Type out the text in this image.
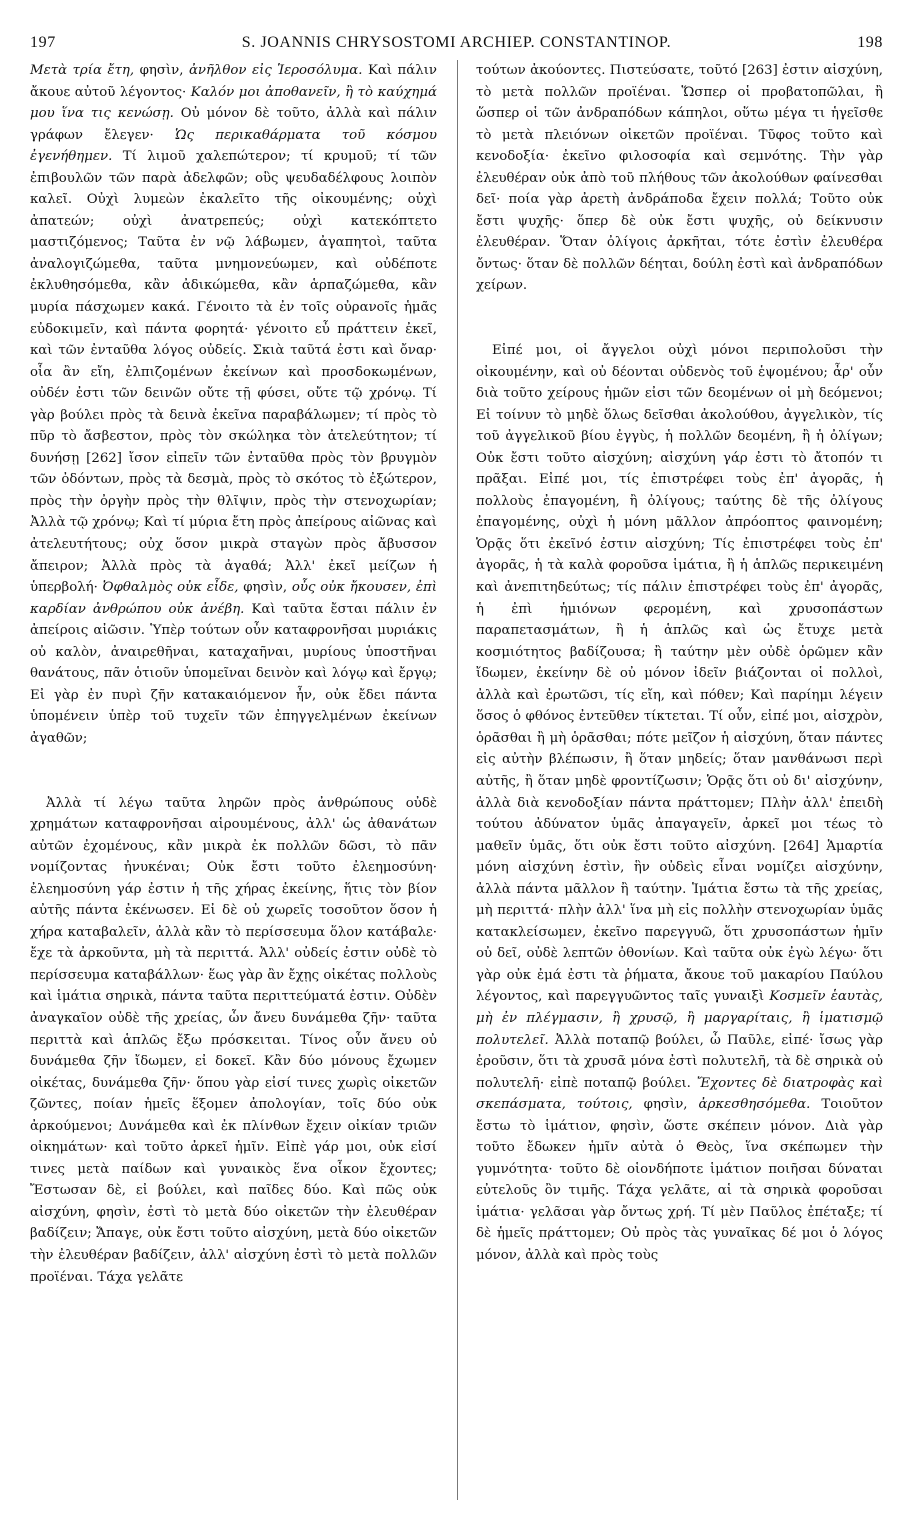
197	S. JOANNIS CHRYSOSTOMI ARCHIEP. CONSTANTINOP.	198

Μετὰ τρία ἔτη, φησὶν, ἀνῆλθον εἰς Ἱεροσόλυμα. Καὶ πάλιν ἄκουε αὐτοῦ λέγοντος· Καλόν μοι ἀποθανεῖν, ἢ τὸ καύχημά μου ἵνα τις κενώσῃ. Οὐ μόνον δὲ τοῦτο, ἀλλὰ καὶ πάλιν γράφων ἔλεγεν· Ὡς περικαθάρματα τοῦ κόσμου ἐγενήθημεν. Τί λιμοῦ χαλεπώτερον; τί κρυμοῦ; τί τῶν ἐπιβουλῶν τῶν παρὰ ἀδελφῶν; οὓς ψευδαδέλφους λοιπὸν καλεῖ. Οὐχὶ λυμεὼν ἐκαλεῖτο τῆς οἰκουμένης; οὐχὶ ἀπατεών; οὐχὶ ἀνατρεπεύς; οὐχὶ κατεκόπτετο μαστιζόμενος; Ταῦτα ἐν νῷ λάβωμεν, ἀγαπητοὶ, ταῦτα ἀναλογιζώμεθα, ταῦτα μνημονεύωμεν, καὶ οὐδέποτε ἐκλυθησόμεθα, κἂν ἀδικώμεθα, κἂν ἁρπαζώμεθα, κἂν μυρία πάσχωμεν κακά. Γένοιτο τὰ ἐν τοῖς οὐρανοῖς ἡμᾶς εὐδοκιμεῖν, καὶ πάντα φορητά· γένοιτο εὖ πράττειν ἐκεῖ, καὶ τῶν ἐνταῦθα λόγος οὐδείς. Σκιὰ ταῦτά ἐστι καὶ ὄναρ· οἷα ἂν εἴη, ἐλπιζομένων ἐκείνων καὶ προσδοκωμένων, οὐδέν ἐστι τῶν δεινῶν οὔτε τῇ φύσει, οὔτε τῷ χρόνῳ. Τί γὰρ βούλει πρὸς τὰ δεινὰ ἐκεῖνα παραβάλωμεν; τί πρὸς τὸ πῦρ τὸ ἄσβεστον, πρὸς τὸν σκώληκα τὸν ἀτελεύτητον; τί δυνήσῃ [262] ἴσον εἰπεῖν τῶν ἐνταῦθα πρὸς τὸν βρυγμὸν τῶν ὀδόντων, πρὸς τὰ δεσμὰ, πρὸς τὸ σκότος τὸ ἐξώτερον, πρὸς τὴν ὀργὴν πρὸς τὴν θλῖψιν, πρὸς τὴν στενοχωρίαν; Ἀλλὰ τῷ χρόνῳ; Καὶ τί μύρια ἔτη πρὸς ἀπείρους αἰῶνας καὶ ἀτελευτήτους; οὐχ ὅσον μικρὰ σταγὼν πρὸς ἄβυσσον ἄπειρον; Ἀλλὰ πρὸς τὰ ἀγαθά; Ἀλλ' ἐκεῖ μείζων ἡ ὑπερβολή· Ὀφθαλμὸς οὐκ εἶδε, φησὶν, οὖς οὐκ ἤκουσεν, ἐπὶ καρδίαν ἀνθρώπου οὐκ ἀνέβη. Καὶ ταῦτα ἔσται πάλιν ἐν ἀπείροις αἰῶσιν. Ὑπὲρ τούτων οὖν καταφρονῆσαι μυριάκις οὐ καλὸν, ἀναιρεθῆναι, καταχαῆναι, μυρίους ὑποστῆναι θανάτους, πᾶν ὁτιοῦν ὑπομεῖναι δεινὸν καὶ λόγῳ καὶ ἔργῳ; Εἰ γὰρ ἐν πυρὶ ζῆν κατακαιόμενον ἦν, οὐκ ἔδει πάντα ὑπομένειν ὑπὲρ τοῦ τυχεῖν τῶν ἐπηγγελμένων ἐκείνων ἀγαθῶν;

Ἀλλὰ τί λέγω ταῦτα ληρῶν πρὸς ἀνθρώπους οὐδὲ χρημάτων καταφρονῆσαι αἱρουμένους, ἀλλ' ὡς ἀθανάτων αὐτῶν ἐχομένους, κἂν μικρὰ ἐκ πολλῶν δῶσι, τὸ πᾶν νομίζοντας ἠνυκέναι; Οὐκ ἔστι τοῦτο ἐλεημοσύνη· ἐλεημοσύνη γάρ ἐστιν ἡ τῆς χήρας ἐκείνης, ἥτις τὸν βίον αὐτῆς πάντα ἐκένωσεν. Εἰ δὲ οὐ χωρεῖς τοσοῦτον ὅσον ἡ χήρα καταβαλεῖν, ἀλλὰ κἂν τὸ περίσσευμα ὅλον κατάβαλε· ἔχε τὰ ἀρκοῦντα, μὴ τὰ περιττά. Ἀλλ' οὐδείς ἐστιν οὐδὲ τὸ περίσσευμα καταβάλλων· ἕως γὰρ ἂν ἔχῃς οἰκέτας πολλοὺς καὶ ἱμάτια σηρικὰ, πάντα ταῦτα περιττεύματά ἐστιν. Οὐδὲν ἀναγκαῖον οὐδὲ τῆς χρείας, ὧν ἄνευ δυνάμεθα ζῆν· ταῦτα περιττὰ καὶ ἁπλῶς ἔξω πρόσκειται. Τίνος οὖν ἄνευ οὐ δυνάμεθα ζῆν ἴδωμεν, εἰ δοκεῖ. Κἂν δύο μόνους ἔχωμεν οἰκέτας, δυνάμεθα ζῆν· ὅπου γὰρ εἰσί τινες χωρὶς οἰκετῶν ζῶντες, ποίαν ἡμεῖς ἕξομεν ἀπολογίαν, τοῖς δύο οὐκ ἀρκούμενοι; Δυνάμεθα καὶ ἐκ πλίνθων ἔχειν οἰκίαν τριῶν οἰκημάτων· καὶ τοῦτο ἀρκεῖ ἡμῖν. Εἰπὲ γάρ μοι, οὐκ εἰσί τινες μετὰ παίδων καὶ γυναικὸς ἕνα οἶκον ἔχοντες; Ἔστωσαν δὲ, εἰ βούλει, καὶ παῖδες δύο. Καὶ πῶς οὐκ αἰσχύνη, φησὶν, ἐστὶ τὸ μετὰ δύο οἰκετῶν τὴν ἐλευθέραν βαδίζειν; Ἄπαγε, οὐκ ἔστι τοῦτο αἰσχύνη, μετὰ δύο οἰκετῶν τὴν ἐλευθέραν βαδίζειν, ἀλλ' αἰσχύνη ἐστὶ τὸ μετὰ πολλῶν προϊέναι. Τάχα γελᾶτε

τούτων ἀκούοντες. Πιστεύσατε, τοῦτό [263] ἐστιν αἰσχύνη, τὸ μετὰ πολλῶν προϊέναι. Ὥσπερ οἱ προβατοπῶλαι, ἢ ὥσπερ οἱ τῶν ἀνδραπόδων κάπηλοι, οὕτω μέγα τι ἡγεῖσθε τὸ μετὰ πλειόνων οἰκετῶν προϊέναι. Τῦφος τοῦτο καὶ κενοδοξία· ἐκεῖνο φιλοσοφία καὶ σεμνότης. Τὴν γὰρ ἐλευθέραν οὐκ ἀπὸ τοῦ πλήθους τῶν ἀκολούθων φαίνεσθαι δεῖ· ποία γὰρ ἀρετὴ ἀνδράποδα ἔχειν πολλά; Τοῦτο οὐκ ἔστι ψυχῆς· ὅπερ δὲ οὐκ ἔστι ψυχῆς, οὐ δείκνυσιν ἐλευθέραν. Ὅταν ὀλίγοις ἀρκῆται, τότε ἐστὶν ἐλευθέρα ὄντως· ὅταν δὲ πολλῶν δέηται, δούλη ἐστὶ καὶ ἀνδραπόδων χείρων.

Εἰπέ μοι, οἱ ἄγγελοι οὐχὶ μόνοι περιπολοῦσι τὴν οἰκουμένην, καὶ οὐ δέονται οὐδενὸς τοῦ ἑψομένου; ἆρ' οὖν διὰ τοῦτο χείρους ἡμῶν εἰσι τῶν δεομένων οἱ μὴ δεόμενοι; Εἰ τοίνυν τὸ μηδὲ ὅλως δεῖσθαι ἀκολούθου, ἀγγελικὸν, τίς τοῦ ἀγγελικοῦ βίου ἐγγὺς, ἡ πολλῶν δεομένη, ἢ ἡ ὀλίγων; Οὐκ ἔστι τοῦτο αἰσχύνη; αἰσχύνη γάρ ἐστι τὸ ἄτοπόν τι πρᾶξαι. Εἰπέ μοι, τίς ἐπιστρέφει τοὺς ἐπ' ἀγορᾶς, ἡ πολλοὺς ἐπαγομένη, ἢ ὀλίγους; ταύτης δὲ τῆς ὀλίγους ἐπαγομένης, οὐχὶ ἡ μόνη μᾶλλον ἀπρόοπτος φαινομένη; Ὁρᾷς ὅτι ἐκεῖνό ἐστιν αἰσχύνη; Τίς ἐπιστρέφει τοὺς ἐπ' ἀγορᾶς, ἡ τὰ καλὰ φοροῦσα ἱμάτια, ἢ ἡ ἁπλῶς περικειμένη καὶ ἀνεπιτηδεύτως; τίς πάλιν ἐπιστρέφει τοὺς ἐπ' ἀγορᾶς, ἡ ἐπὶ ἡμιόνων φερομένη, καὶ χρυσοπάστων παραπετασμάτων, ἢ ἡ ἁπλῶς καὶ ὡς ἔτυχε μετὰ κοσμιότητος βαδίζουσα; ἢ ταύτην μὲν οὐδὲ ὁρῶμεν κἂν ἴδωμεν, ἐκείνην δὲ οὐ μόνον ἰδεῖν βιάζονται οἱ πολλοὶ, ἀλλὰ καὶ ἐρωτῶσι, τίς εἴη, καὶ πόθεν; Καὶ παρίημι λέγειν ὅσος ὁ φθόνος ἐντεῦθεν τίκτεται. Τί οὖν, εἰπέ μοι, αἰσχρὸν, ὁρᾶσθαι ἢ μὴ ὁρᾶσθαι; πότε μεῖζον ἡ αἰσχύνη, ὅταν πάντες εἰς αὐτὴν βλέπωσιν, ἢ ὅταν μηδείς; ὅταν μανθάνωσι περὶ αὐτῆς, ἢ ὅταν μηδὲ φροντίζωσιν; Ὁρᾷς ὅτι οὐ δι' αἰσχύνην, ἀλλὰ διὰ κενοδοξίαν πάντα πράττομεν; Πλὴν ἀλλ' ἐπειδὴ τούτου ἀδύνατον ὑμᾶς ἀπαγαγεῖν, ἀρκεῖ μοι τέως τὸ μαθεῖν ὑμᾶς, ὅτι οὐκ ἔστι τοῦτο αἰσχύνη. [264] Ἁμαρτία μόνη αἰσχύνη ἐστὶν, ἣν οὐδεὶς εἶναι νομίζει αἰσχύνην, ἀλλὰ πάντα μᾶλλον ἢ ταύτην. Ἱμάτια ἔστω τὰ τῆς χρείας, μὴ περιττά· πλὴν ἀλλ' ἵνα μὴ εἰς πολλὴν στενοχωρίαν ὑμᾶς κατακλείσωμεν, ἐκεῖνο παρεγγυῶ, ὅτι χρυσοπάστων ἡμῖν οὐ δεῖ, οὐδὲ λεπτῶν ὀθονίων. Καὶ ταῦτα οὐκ ἐγὼ λέγω· ὅτι γὰρ οὐκ ἐμά ἐστι τὰ ῥήματα, ἄκουε τοῦ μακαρίου Παύλου λέγοντος, καὶ παρεγγυῶντος ταῖς γυναιξὶ Κοσμεῖν ἑαυτὰς, μὴ ἐν πλέγμασιν, ἢ χρυσῷ, ἢ μαργαρίταις, ἢ ἱματισμῷ πολυτελεῖ. Ἀλλὰ ποταπῷ βούλει, ὦ Παῦλε, εἰπέ· ἴσως γὰρ ἐροῦσιν, ὅτι τὰ χρυσᾶ μόνα ἐστὶ πολυτελῆ, τὰ δὲ σηρικὰ οὐ πολυτελῆ· εἰπὲ ποταπῷ βούλει. Ἔχοντες δὲ διατροφὰς καὶ σκεπάσματα, τούτοις, φησὶν, ἀρκεσθησόμεθα. Τοιοῦτον ἔστω τὸ ἱμάτιον, φησὶν, ὥστε σκέπειν μόνον. Διὰ γὰρ τοῦτο ἔδωκεν ἡμῖν αὐτὰ ὁ Θεὸς, ἵνα σκέπωμεν τὴν γυμνότητα· τοῦτο δὲ οἱονδήποτε ἱμάτιον ποιῆσαι δύναται εὐτελοῦς ὂν τιμῆς. Τάχα γελᾶτε, αἱ τὰ σηρικὰ φοροῦσαι ἱμάτια· γελᾶσαι γὰρ ὄντως χρή. Τί μὲν Παῦλος ἐπέταξε; τί δὲ ἡμεῖς πράττομεν; Οὐ πρὸς τὰς γυναῖκας δέ μοι ὁ λόγος μόνον, ἀλλὰ καὶ πρὸς τοὺς
